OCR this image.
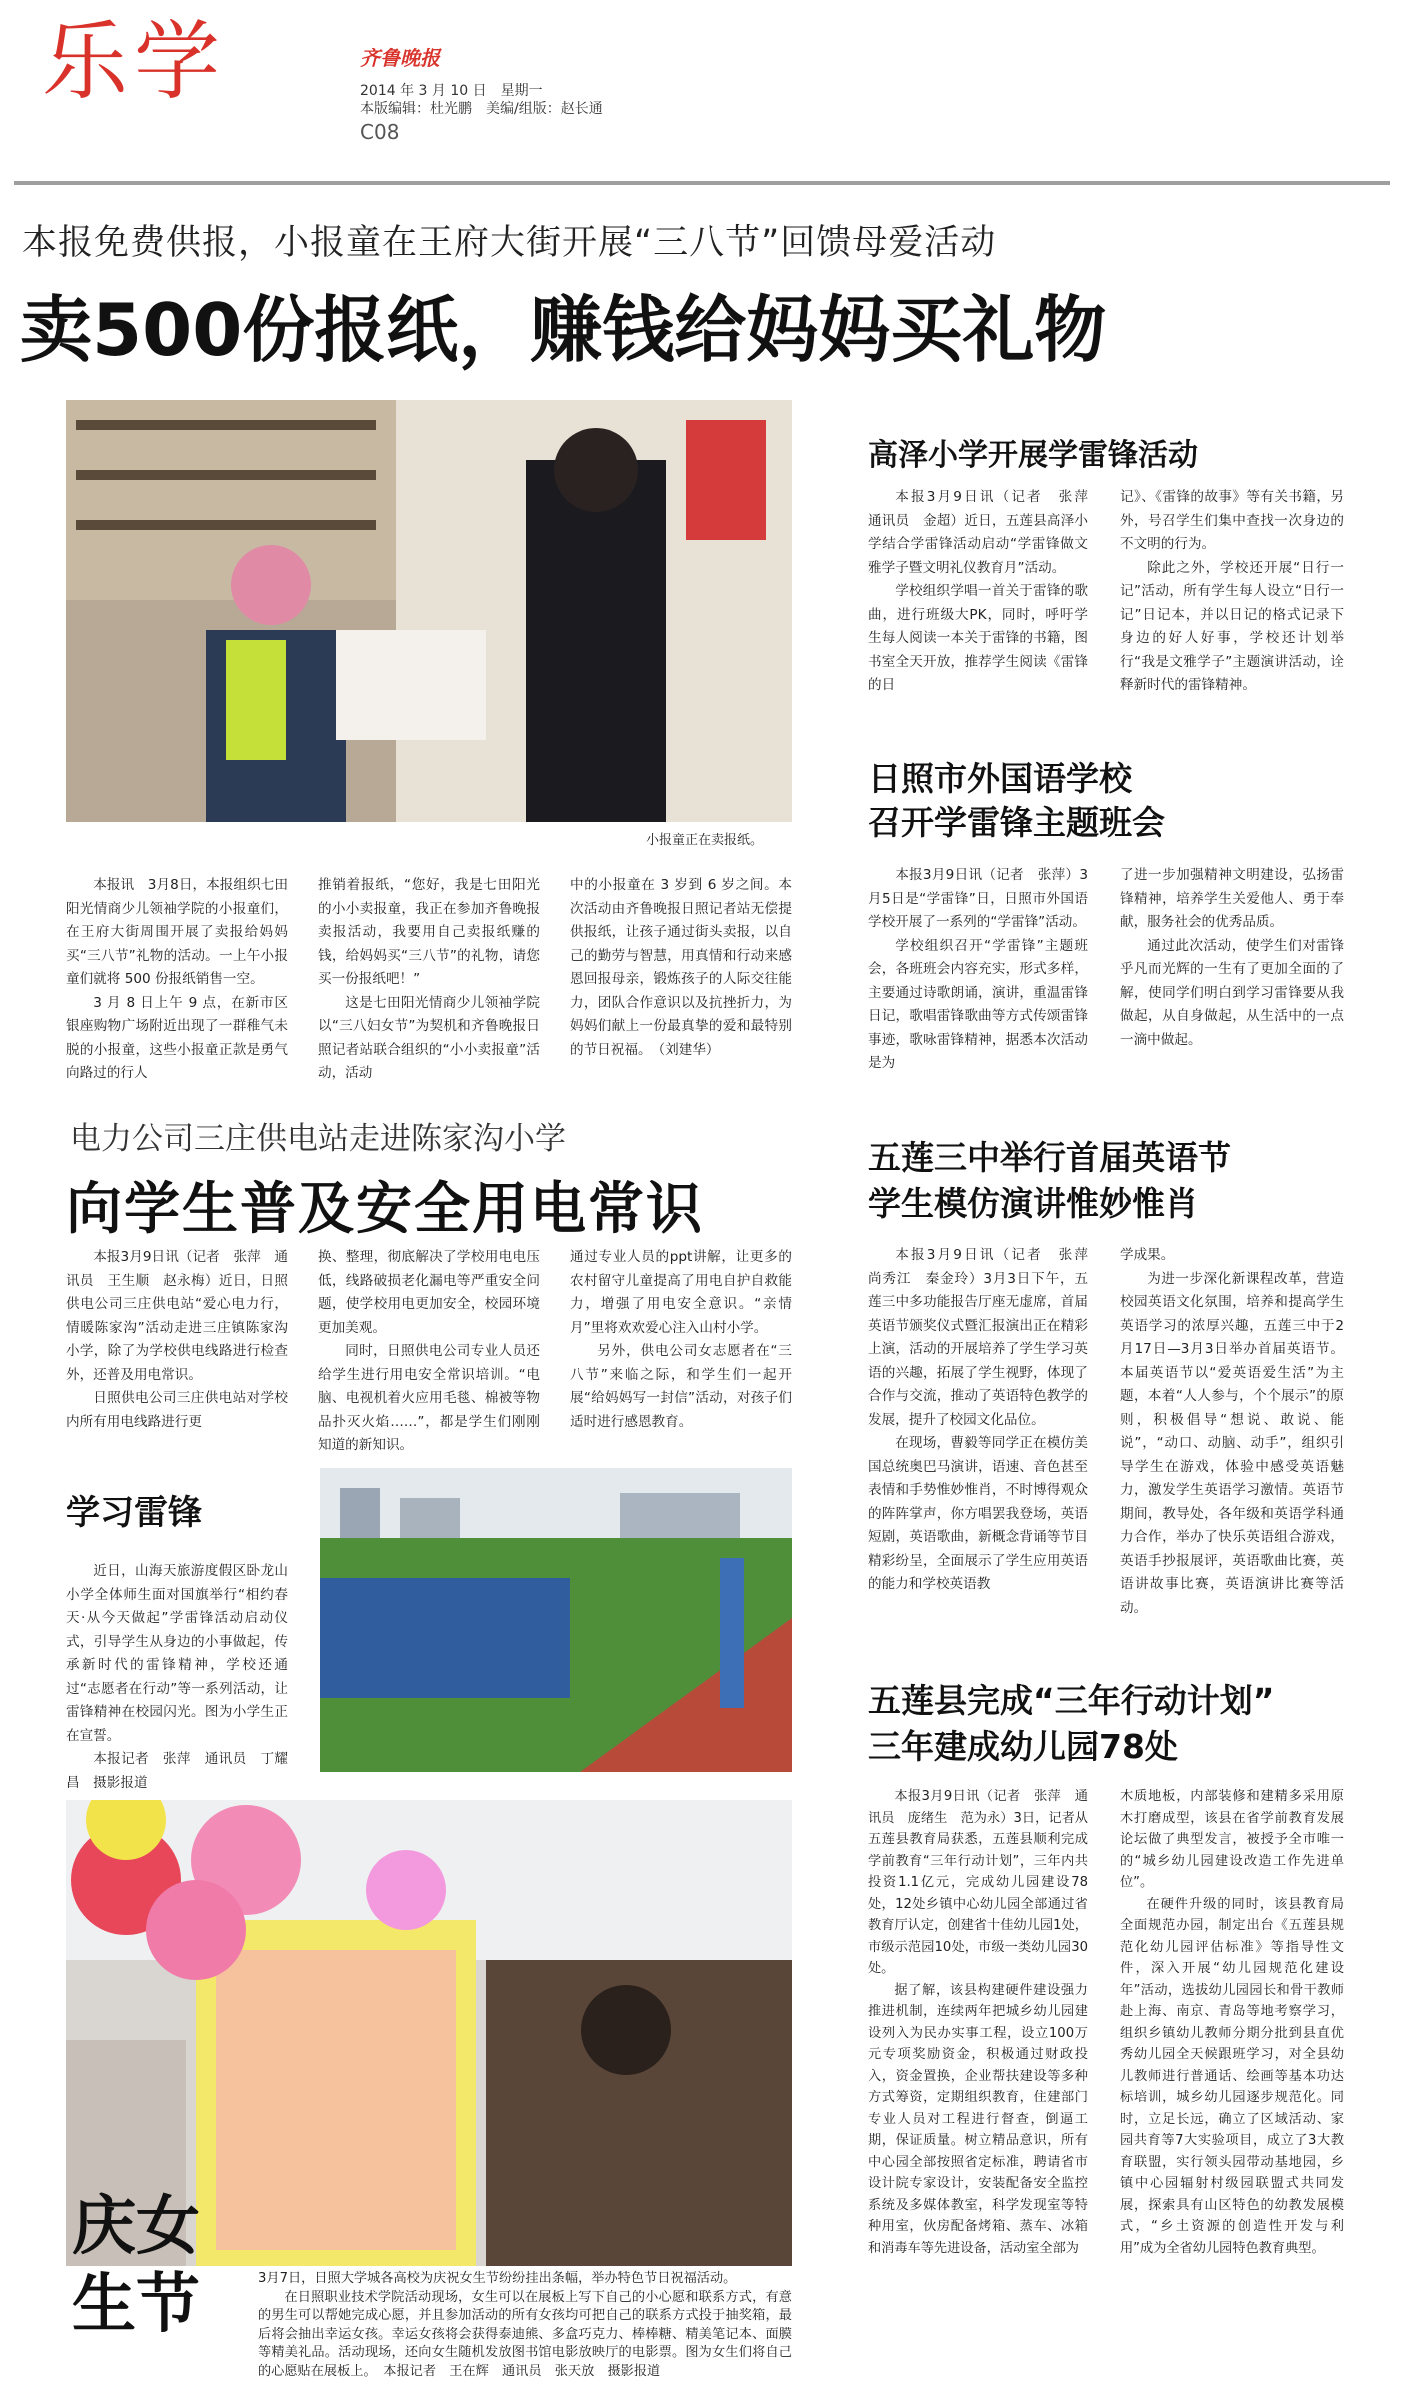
乐学	齐鲁晚报
2014 年 3 月 10 日　星期一
本版编辑：杜光鹏　美编/组版：赵长通
C08
本报免费供报，小报童在王府大街开展“三八节”回馈母爱活动
卖500份报纸，赚钱给妈妈买礼物
小报童正在卖报纸。

本报讯　3月8日，本报组织七田阳光情商少儿领袖学院的小报童们，在王府大街周围开展了卖报给妈妈买“三八节”礼物的活动。一上午小报童们就将 500 份报纸销售一空。

3 月 8 日上午 9 点，在新市区银座购物广场附近出现了一群稚气未脱的小报童，这些小报童正款是勇气向路过的行人

推销着报纸，“您好，我是七田阳光的小小卖报童，我正在参加齐鲁晚报卖报活动，我要用自己卖报纸赚的钱，给妈妈买“三八节”的礼物，请您买一份报纸吧！”

这是七田阳光情商少儿领袖学院以“三八妇女节”为契机和齐鲁晚报日照记者站联合组织的“小小卖报童”活动，活动

中的小报童在 3 岁到 6 岁之间。本次活动由齐鲁晚报日照记者站无偿提供报纸，让孩子通过街头卖报，以自己的勤劳与智慧，用真情和行动来感恩回报母亲，锻炼孩子的人际交往能力，团队合作意识以及抗挫折力，为妈妈们献上一份最真挚的爱和最特别的节日祝福。　（刘建华）

电力公司三庄供电站走进陈家沟小学
向学生普及安全用电常识

本报3月9日讯（记者　张萍　通讯员　王生顺　赵永梅）近日，日照供电公司三庄供电站“爱心电力行，情暖陈家沟”活动走进三庄镇陈家沟小学，除了为学校供电线路进行检查外，还普及用电常识。

日照供电公司三庄供电站对学校内所有用电线路进行更

换、整理，彻底解决了学校用电电压低，线路破损老化漏电等严重安全问题，使学校用电更加安全，校园环境更加美观。

同时，日照供电公司专业人员还给学生进行用电安全常识培训。“电脑、电视机着火应用毛毯、棉被等物品扑灭火焰……”，都是学生们刚刚知道的新知识。

通过专业人员的ppt讲解，让更多的农村留守儿童提高了用电自护自救能力，增强了用电安全意识。“亲情月”里将欢欢爱心注入山村小学。

另外，供电公司女志愿者在“三八节”来临之际，和学生们一起开展“给妈妈写一封信”活动，对孩子们适时进行感恩教育。

学习雷锋

近日，山海天旅游度假区卧龙山小学全体师生面对国旗举行“相约春天·从今天做起”学雷锋活动启动仪式，引导学生从身边的小事做起，传承新时代的雷锋精神，学校还通过“志愿者在行动”等一系列活动，让雷锋精神在校园闪光。图为小学生正在宣誓。

本报记者　张萍　通讯员　丁耀昌　摄影报道

庆女生节	3月7日，日照大学城各高校为庆祝女生节纷纷挂出条幅，举办特色节日祝福活动。

在日照职业技术学院活动现场，女生可以在展板上写下自己的小心愿和联系方式，有意的男生可以帮她完成心愿，并且参加活动的所有女孩均可把自己的联系方式投于抽奖箱，最后将会抽出幸运女孩。幸运女孩将会获得泰迪熊、多盒巧克力、棒棒糖、精美笔记本、面膜等精美礼品。活动现场，还向女生随机发放图书馆电影放映厅的电影票。图为女生们将自己的心愿贴在展板上。　本报记者　王在辉　通讯员　张天放　摄影报道

高泽小学开展学雷锋活动

本报3月9日讯（记者　张萍　通讯员　金超）近日，五莲县高泽小学结合学雷锋活动启动“学雷锋做文雅学子暨文明礼仪教育月”活动。

学校组织学唱一首关于雷锋的歌曲，进行班级大PK，同时，呼吁学生每人阅读一本关于雷锋的书籍，图书室全天开放，推荐学生阅读《雷锋的日

记》、《雷锋的故事》等有关书籍，另外，号召学生们集中查找一次身边的不文明的行为。

除此之外，学校还开展“日行一记”活动，所有学生每人设立“日行一记”日记本，并以日记的格式记录下身边的好人好事，学校还计划举行“我是文雅学子”主题演讲活动，诠释新时代的雷锋精神。

日照市外国语学校
召开学雷锋主题班会

本报3月9日讯（记者　张萍）3月5日是“学雷锋”日，日照市外国语学校开展了一系列的“学雷锋”活动。

学校组织召开“学雷锋”主题班会，各班班会内容充实，形式多样，主要通过诗歌朗诵，演讲，重温雷锋日记，歌唱雷锋歌曲等方式传颂雷锋事迹，歌咏雷锋精神，据悉本次活动是为

了进一步加强精神文明建设，弘扬雷锋精神，培养学生关爱他人、勇于奉献，服务社会的优秀品质。

通过此次活动，使学生们对雷锋乎凡而光辉的一生有了更加全面的了解，使同学们明白到学习雷锋要从我做起，从自身做起，从生活中的一点一滴中做起。

五莲三中举行首届英语节
学生模仿演讲惟妙惟肖

本报3月9日讯（记者　张萍　尚秀江　秦金玲）3月3日下午，五莲三中多功能报告厅座无虚席，首届英语节颁奖仪式暨汇报演出正在精彩上演，活动的开展培养了学生学习英语的兴趣，拓展了学生视野，体现了合作与交流，推动了英语特色教学的发展，提升了校园文化品位。

在现场，曹毅等同学正在模仿美国总统奥巴马演讲，语速、音色甚至表情和手势惟妙惟肖，不时博得观众的阵阵掌声，你方唱罢我登场，英语短剧，英语歌曲，新概念背诵等节目精彩纷呈，全面展示了学生应用英语的能力和学校英语教

学成果。

为进一步深化新课程改革，营造校园英语文化氛围，培养和提高学生英语学习的浓厚兴趣，五莲三中于2月17日—3月3日举办首届英语节。本届英语节以“爱英语爱生活”为主题，本着“人人参与，个个展示”的原则，积极倡导“想说、敢说、能说”，“动口、动脑、动手”，组织引导学生在游戏，体验中感受英语魅力，激发学生英语学习激情。英语节期间，教导处，各年级和英语学科通力合作，举办了快乐英语组合游戏，英语手抄报展评，英语歌曲比赛，英语讲故事比赛，英语演讲比赛等活动。

五莲县完成“三年行动计划”
三年建成幼儿园78处

本报3月9日讯（记者　张萍　通讯员　庞绪生　范为永）3日，记者从五莲县教育局获悉，五莲县顺利完成学前教育“三年行动计划”，三年内共投资1.1亿元，完成幼儿园建设78处，12处乡镇中心幼儿园全部通过省教育厅认定，创建省十佳幼儿园1处，市级示范园10处，市级一类幼儿园30处。

据了解，该县构建硬件建设强力推进机制，连续两年把城乡幼儿园建设列入为民办实事工程，设立100万元专项奖励资金，积极通过财政投入，资金置换，企业帮扶建设等多种方式筹资，定期组织教育，住建部门专业人员对工程进行督查，倒逼工期，保证质量。树立精品意识，所有中心园全部按照省定标准，聘请省市设计院专家设计，安装配备安全监控系统及多媒体教室，科学发现室等特种用室，伙房配备烤箱、蒸车、冰箱和消毒车等先进设备，活动室全部为

木质地板，内部装修和建精多采用原木打磨成型，该县在省学前教育发展论坛做了典型发言，被授予全市唯一的“城乡幼儿园建设改造工作先进单位”。

在硬件升级的同时，该县教育局全面规范办园，制定出台《五莲县规范化幼儿园评估标准》等指导性文件，深入开展“幼儿园规范化建设年”活动，选拔幼儿园园长和骨干教师赴上海、南京、青岛等地考察学习，组织乡镇幼儿教师分期分批到县直优秀幼儿园全天候跟班学习，对全县幼儿教师进行普通话、绘画等基本功达标培训，城乡幼儿园逐步规范化。同时，立足长远，确立了区域活动、家园共育等7大实验项目，成立了3大教育联盟，实行领头园带动基地园，乡镇中心园辐射村级园联盟式共同发展，探索具有山区特色的幼教发展模式，“乡土资源的创造性开发与利用”成为全省幼儿园特色教育典型。
